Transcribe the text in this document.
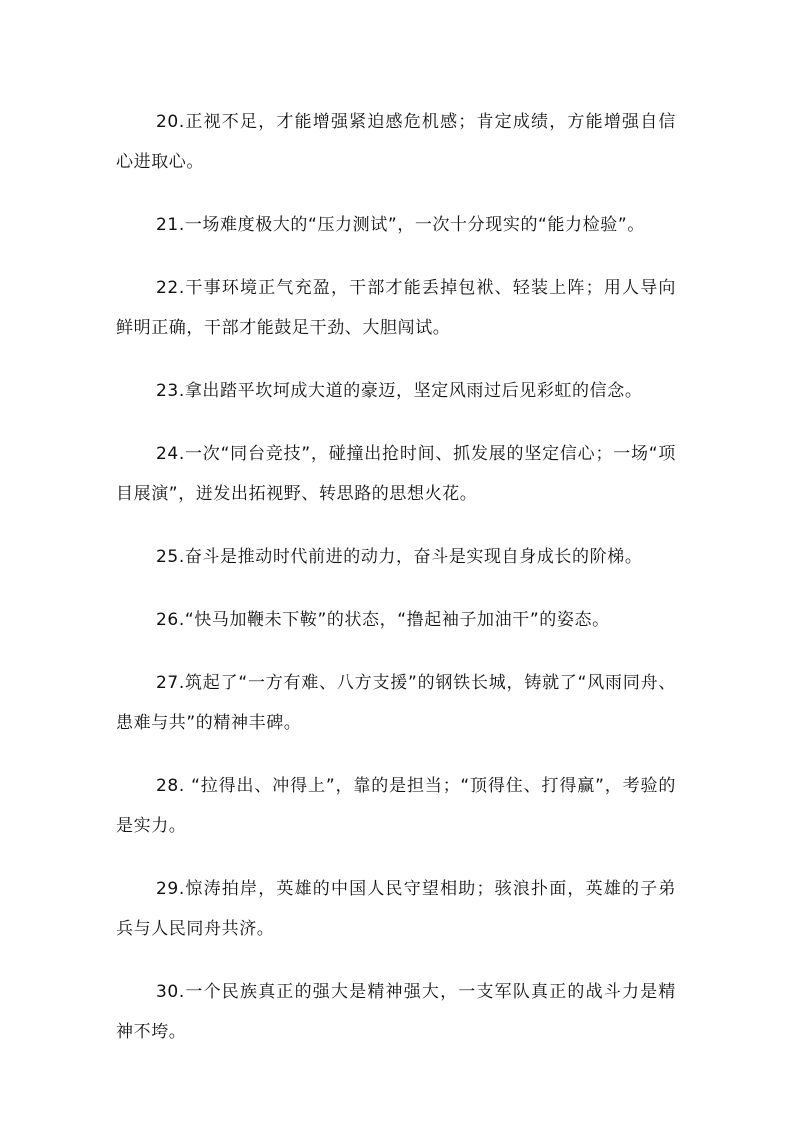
20.正视不足，才能增强紧迫感危机感；肯定成绩，方能增强自信心进取心。

21.一场难度极大的“压力测试”，一次十分现实的“能力检验”。

22.干事环境正气充盈，干部才能丢掉包袱、轻装上阵；用人导向鲜明正确，干部才能鼓足干劲、大胆闯试。

23.拿出踏平坎坷成大道的豪迈，坚定风雨过后见彩虹的信念。

24.一次“同台竞技”，碰撞出抢时间、抓发展的坚定信心；一场“项目展演”，迸发出拓视野、转思路的思想火花。

25.奋斗是推动时代前进的动力，奋斗是实现自身成长的阶梯。

26.“快马加鞭未下鞍”的状态，“撸起袖子加油干”的姿态。

27.筑起了“一方有难、八方支援”的钢铁长城，铸就了“风雨同舟、患难与共”的精神丰碑。

28. “拉得出、冲得上”，靠的是担当；“顶得住、打得赢”，考验的是实力。

29.惊涛拍岸，英雄的中国人民守望相助；骇浪扑面，英雄的子弟兵与人民同舟共济。

30.一个民族真正的强大是精神强大，一支军队真正的战斗力是精神不垮。
